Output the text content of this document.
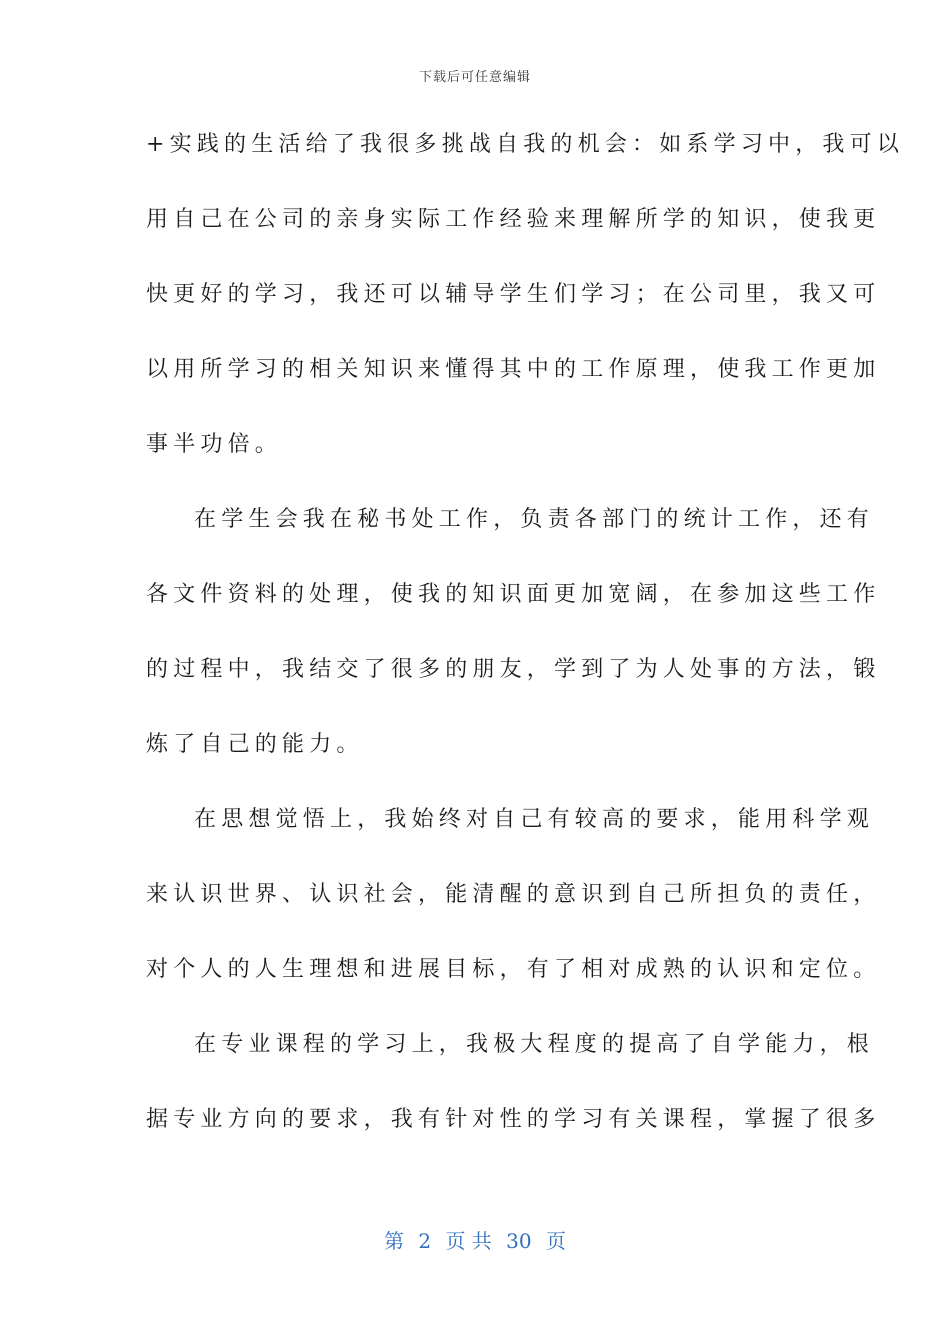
下载后可任意编辑
+实践的生活给了我很多挑战自我的机会：如系学习中，我可以
用自己在公司的亲身实际工作经验来理解所学的知识，使我更
快更好的学习，我还可以辅导学生们学习；在公司里，我又可
以用所学习的相关知识来懂得其中的工作原理，使我工作更加
事半功倍。
在学生会我在秘书处工作，负责各部门的统计工作，还有
各文件资料的处理，使我的知识面更加宽阔，在参加这些工作
的过程中，我结交了很多的朋友，学到了为人处事的方法，锻
炼了自己的能力。
在思想觉悟上，我始终对自己有较高的要求，能用科学观
来认识世界、认识社会，能清醒的意识到自己所担负的责任，
对个人的人生理想和进展目标，有了相对成熟的认识和定位。
在专业课程的学习上，我极大程度的提高了自学能力，根
据专业方向的要求，我有针对性的学习有关课程，掌握了很多
第 2 页 共 30 页
